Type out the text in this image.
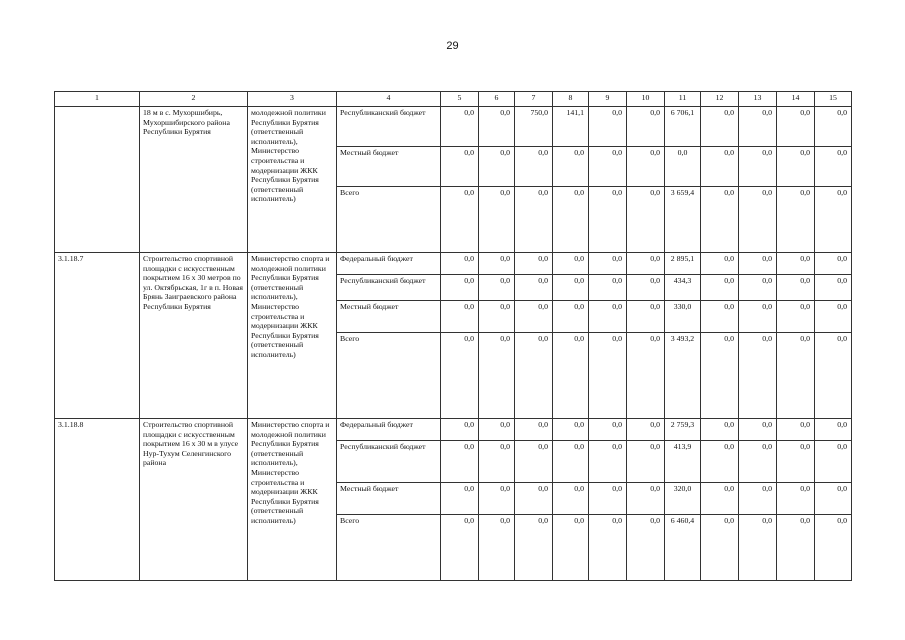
29
1	2	3	4	5	6	7	8	9	10	11	12	13	14	15
	18 м в с. Мухоршибирь, Мухоршибирского района Республики Бурятия	молодежной политики Республики Бурятия (ответственный исполнитель), Министерство строительства и модернизации ЖКК Республики Бурятия (ответственный исполнитель)	Республиканский бюджет	0,0	0,0	750,0	141,1	0,0	0,0	6 706,1	0,0	0,0	0,0	0,0
			Местный бюджет	0,0	0,0	0,0	0,0	0,0	0,0	0,0	0,0	0,0	0,0	0,0
			Всего	0,0	0,0	0,0	0,0	0,0	0,0	3 659,4	0,0	0,0	0,0	0,0
3.1.18.7	Строительство спортивной площадки с искусственным покрытием 16 х 30 метров по ул. Октябрьская, 1г в п. Новая Брянь Заиграевского района Республики Бурятия	Министерство спорта и молодежной политики Республики Бурятия (ответственный исполнитель), Министерство строительства и модернизации ЖКК Республики Бурятия (ответственный исполнитель)	Федеральный бюджет	0,0	0,0	0,0	0,0	0,0	0,0	2 895,1	0,0	0,0	0,0	0,0
			Республиканский бюджет	0,0	0,0	0,0	0,0	0,0	0,0	434,3	0,0	0,0	0,0	0,0
			Местный бюджет	0,0	0,0	0,0	0,0	0,0	0,0	330,0	0,0	0,0	0,0	0,0
			Всего	0,0	0,0	0,0	0,0	0,0	0,0	3 493,2	0,0	0,0	0,0	0,0
3.1.18.8	Строительство спортивной площадки с искусственным покрытием 16 х 30 м в улусе Нур-Тухум Селенгинского района	Министерство спорта и молодежной политики Республики Бурятия (ответственный исполнитель), Министерство строительства и модернизации ЖКК Республики Бурятия (ответственный исполнитель)	Федеральный бюджет	0,0	0,0	0,0	0,0	0,0	0,0	2 759,3	0,0	0,0	0,0	0,0
			Республиканский бюджет	0,0	0,0	0,0	0,0	0,0	0,0	413,9	0,0	0,0	0,0	0,0
			Местный бюджет	0,0	0,0	0,0	0,0	0,0	0,0	320,0	0,0	0,0	0,0	0,0
			Всего	0,0	0,0	0,0	0,0	0,0	0,0	6 460,4	0,0	0,0	0,0	0,0
